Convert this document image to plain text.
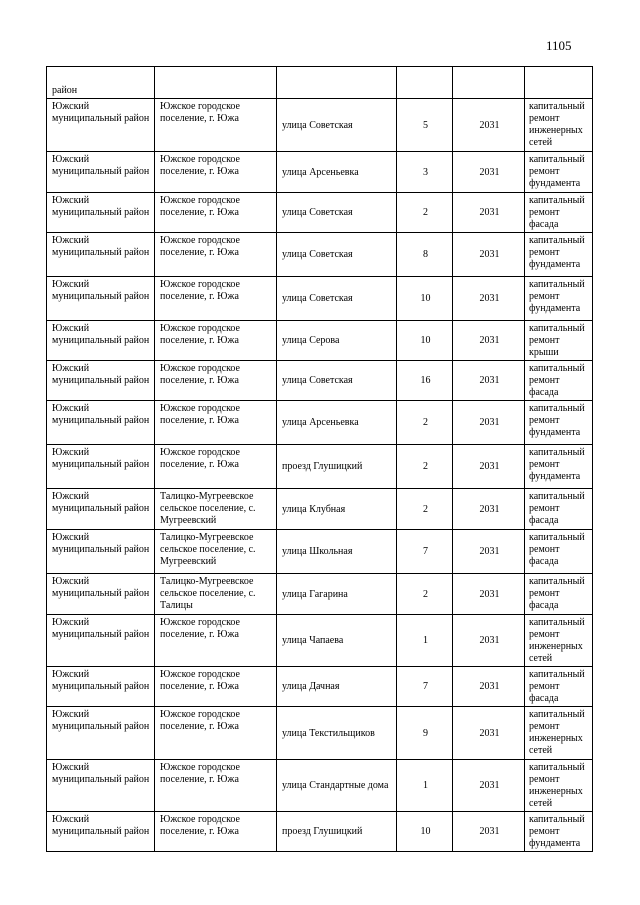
1105
район					
Южский муниципальный район	Южское городское поселение, г. Южа	улица Советская	5	2031	капитальный ремонт инженерных сетей
Южский муниципальный район	Южское городское поселение, г. Южа	улица Арсеньевка	3	2031	капитальный ремонт фундамента
Южский муниципальный район	Южское городское поселение, г. Южа	улица Советская	2	2031	капитальный ремонт фасада
Южский муниципальный район	Южское городское поселение, г. Южа	улица Советская	8	2031	капитальный ремонт фундамента
Южский муниципальный район	Южское городское поселение, г. Южа	улица Советская	10	2031	капитальный ремонт фундамента
Южский муниципальный район	Южское городское поселение, г. Южа	улица Серова	10	2031	капитальный ремонт крыши
Южский муниципальный район	Южское городское поселение, г. Южа	улица Советская	16	2031	капитальный ремонт фасада
Южский муниципальный район	Южское городское поселение, г. Южа	улица Арсеньевка	2	2031	капитальный ремонт фундамента
Южский муниципальный район	Южское городское поселение, г. Южа	проезд Глушицкий	2	2031	капитальный ремонт фундамента
Южский муниципальный район	Талицко-Мугреевское сельское поселение, с. Мугреевский	улица Клубная	2	2031	капитальный ремонт фасада
Южский муниципальный район	Талицко-Мугреевское сельское поселение, с. Мугреевский	улица Школьная	7	2031	капитальный ремонт фасада
Южский муниципальный район	Талицко-Мугреевское сельское поселение, с. Талицы	улица Гагарина	2	2031	капитальный ремонт фасада
Южский муниципальный район	Южское городское поселение, г. Южа	улица Чапаева	1	2031	капитальный ремонт инженерных сетей
Южский муниципальный район	Южское городское поселение, г. Южа	улица Дачная	7	2031	капитальный ремонт фасада
Южский муниципальный район	Южское городское поселение, г. Южа	улица Текстильщиков	9	2031	капитальный ремонт инженерных сетей
Южский муниципальный район	Южское городское поселение, г. Южа	улица Стандартные дома	1	2031	капитальный ремонт инженерных сетей
Южский муниципальный район	Южское городское поселение, г. Южа	проезд Глушицкий	10	2031	капитальный ремонт фундамента
